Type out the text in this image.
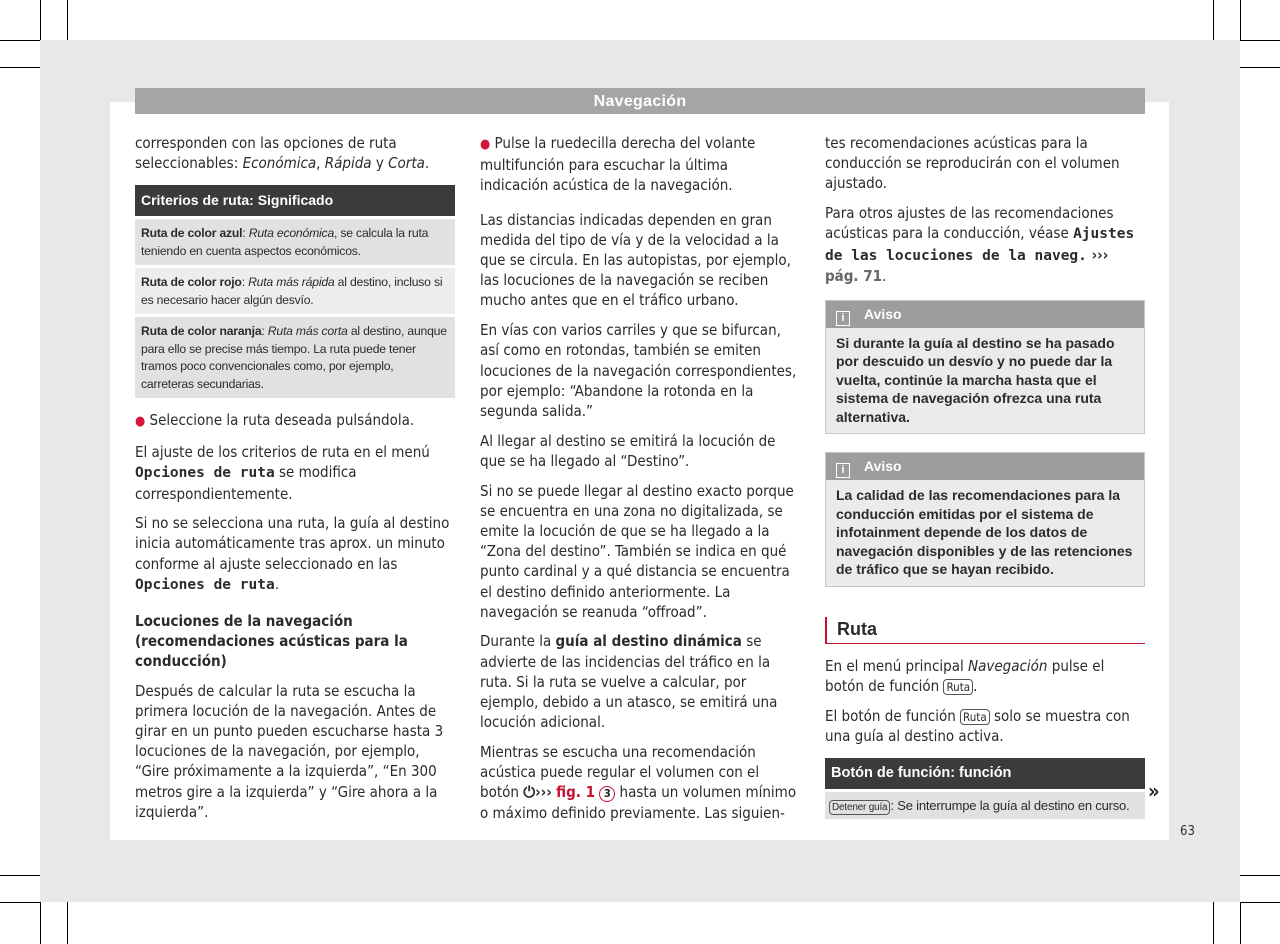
Navegación

corresponden con las opciones de ruta seleccionables: Económica, Rápida y Corta.

Criterios de ruta: Significado
Ruta de color azul: Ruta económica, se calcula la ruta teniendo en cuenta aspectos económicos.
Ruta de color rojo: Ruta más rápida al destino, incluso si es necesario hacer algún desvío.
Ruta de color naranja: Ruta más corta al destino, aunque para ello se precise más tiempo. La ruta puede tener tramos poco convencionales como, por ejemplo, carreteras secundarias.

● Seleccione la ruta deseada pulsándola.

El ajuste de los criterios de ruta en el menú Opciones de ruta se modifica correspondientemente.

Si no se selecciona una ruta, la guía al destino inicia automáticamente tras aprox. un minuto conforme al ajuste seleccionado en las Opciones de ruta.

Locuciones de la navegación (recomendaciones acústicas para la conducción)

Después de calcular la ruta se escucha la primera locución de la navegación. Antes de girar en un punto pueden escucharse hasta 3 locuciones de la navegación, por ejemplo, “Gire próximamente a la izquierda”, “En 300 metros gire a la izquierda” y “Gire ahora a la izquierda”.

● Pulse la ruedecilla derecha del volante multifunción para escuchar la última indicación acústica de la navegación.

Las distancias indicadas dependen en gran medida del tipo de vía y de la velocidad a la que se circula. En las autopistas, por ejemplo, las locuciones de la navegación se reciben mucho antes que en el tráfico urbano.

En vías con varios carriles y que se bifurcan, así como en rotondas, también se emiten locuciones de la navegación correspondientes, por ejemplo: “Abandone la rotonda en la segunda salida.”

Al llegar al destino se emitirá la locución de que se ha llegado al “Destino”.

Si no se puede llegar al destino exacto porque se encuentra en una zona no digitalizada, se emite la locución de que se ha llegado a la “Zona del destino”. También se indica en qué punto cardinal y a qué distancia se encuentra el destino definido anteriormente. La navegación se reanuda “offroad”.

Durante la guía al destino dinámica se advierte de las incidencias del tráfico en la ruta. Si la ruta se vuelve a calcular, por ejemplo, debido a un atasco, se emitirá una locución adicional.

Mientras se escucha una recomendación acústica puede regular el volumen con el botón ⏻››› fig. 1 3 hasta un volumen mínimo o máximo definido previamente. Las siguien-

tes recomendaciones acústicas para la conducción se reproducirán con el volumen ajustado.

Para otros ajustes de las recomendaciones acústicas para la conducción, véase Ajustes de las locuciones de la naveg. ››› pág. 71.

i Aviso
Si durante la guía al destino se ha pasado por descuido un desvío y no puede dar la vuelta, continúe la marcha hasta que el sistema de navegación ofrezca una ruta alternativa.
i Aviso
La calidad de las recomendaciones para la conducción emitidas por el sistema de infotainment depende de los datos de navegación disponibles y de las retenciones de tráfico que se hayan recibido.
Ruta

En el menú principal Navegación pulse el botón de función Ruta .

El botón de función Ruta solo se muestra con una guía al destino activa.

Botón de función: función
Detener guía : Se interrumpe la guía al destino en curso.
»
63
